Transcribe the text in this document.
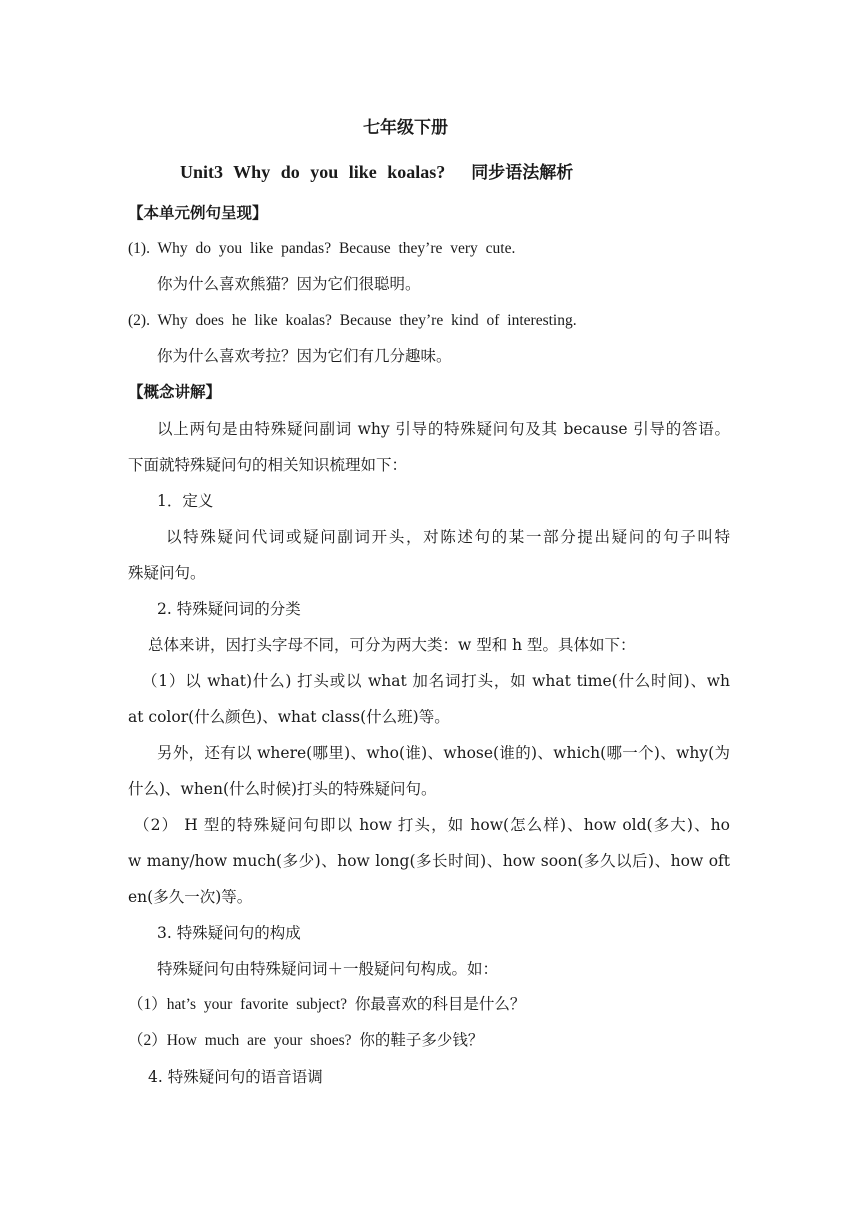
七年级下册
Unit3 Why do you like koalas? 同步语法解析
【本单元例句呈现】
(1). Why do you like pandas? Because they’re very cute.
你为什么喜欢熊猫？因为它们很聪明。
(2). Why does he like koalas? Because they’re kind of interesting.
你为什么喜欢考拉？因为它们有几分趣味。
【概念讲解】
以上两句是由特殊疑问副词 why 引导的特殊疑问句及其 because 引导的答语。
下面就特殊疑问句的相关知识梳理如下：
1．定义
以特殊疑问代词或疑问副词开头，对陈述句的某一部分提出疑问的句子叫特
殊疑问句。
2. 特殊疑问词的分类
总体来讲，因打头字母不同，可分为两大类：w 型和 h 型。具体如下：
（1）以 what)什么) 打头或以 what 加名词打头，如 what time(什么时间)、wh
at color(什么颜色)、what class(什么班)等。
另外，还有以 where(哪里)、who(谁)、whose(谁的)、which(哪一个)、why(为
什么)、when(什么时候)打头的特殊疑问句。
（2） H 型的特殊疑问句即以 how 打头，如 how(怎么样)、how old(多大)、ho
w many/how much(多少)、how long(多长时间)、how soon(多久以后)、how oft
en(多久一次)等。
3. 特殊疑问句的构成
特殊疑问句由特殊疑问词＋一般疑问句构成。如：
（1）hat’s your favorite subject? 你最喜欢的科目是什么？
（2）How much are your shoes? 你的鞋子多少钱？
4. 特殊疑问句的语音语调
